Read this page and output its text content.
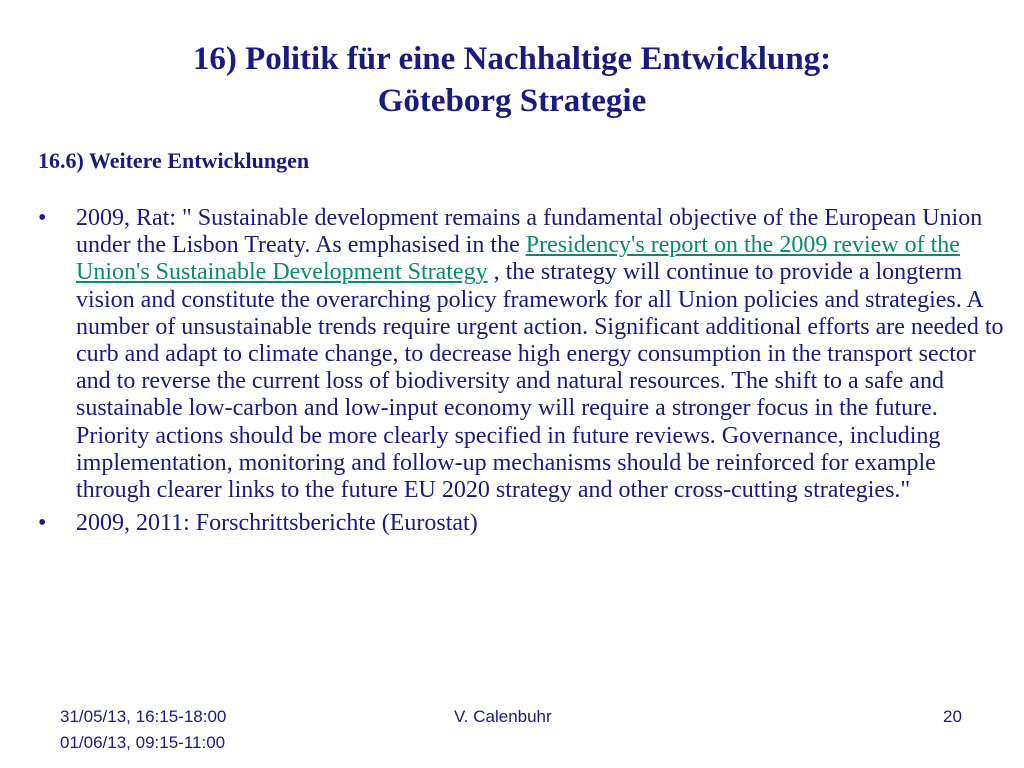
16) Politik für eine Nachhaltige Entwicklung:
Göteborg Strategie
16.6) Weitere Entwicklungen
• 2009, Rat: " Sustainable development remains a fundamental objective of the European Union under the Lisbon Treaty. As emphasised in the Presidency's report on the 2009 review of the Union's Sustainable Development Strategy , the strategy will continue to provide a longterm vision and constitute the overarching policy framework for all Union policies and strategies. A number of unsustainable trends require urgent action. Significant additional efforts are needed to curb and adapt to climate change, to decrease high energy consumption in the transport sector and to reverse the current loss of biodiversity and natural resources. The shift to a safe and sustainable low-carbon and low-input economy will require a stronger focus in the future. Priority actions should be more clearly specified in future reviews. Governance, including implementation, monitoring and follow-up mechanisms should be reinforced for example through clearer links to the future EU 2020 strategy and other cross-cutting strategies."
• 2009, 2011: Forschrittsberichte (Eurostat)
31/05/13, 16:15-18:00
01/06/13, 09:15-11:00
V. Calenbuhr	20
